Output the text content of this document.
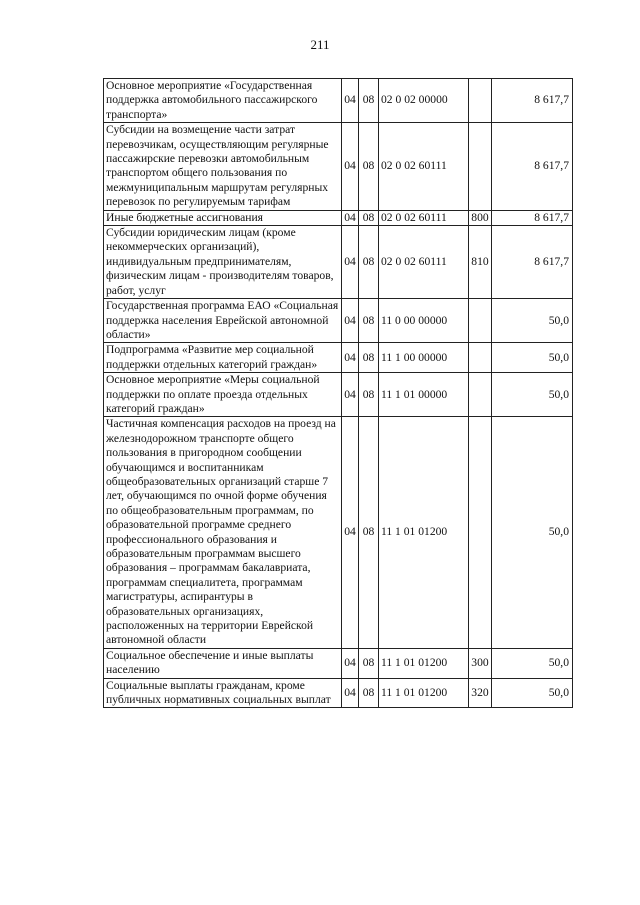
211
Основное мероприятие «Государственная поддержка автомобильного пассажирского транспорта»	04	08	02 0 02 00000		8 617,7
Субсидии на возмещение части затрат перевозчикам, осуществляющим регулярные пассажирские перевозки автомобильным транспортом общего пользования по межмуниципальным маршрутам регулярных перевозок по регулируемым тарифам	04	08	02 0 02 60111		8 617,7
Иные бюджетные ассигнования	04	08	02 0 02 60111	800	8 617,7
Субсидии юридическим лицам (кроме некоммерческих организаций), индивидуальным предпринимателям, физическим лицам - производителям товаров, работ, услуг	04	08	02 0 02 60111	810	8 617,7
Государственная программа ЕАО «Социальная поддержка населения Еврейской автономной области»	04	08	11 0 00 00000		50,0
Подпрограмма «Развитие мер социальной поддержки отдельных категорий граждан»	04	08	11 1 00 00000		50,0
Основное мероприятие «Меры социальной поддержки по оплате проезда отдельных категорий граждан»	04	08	11 1 01 00000		50,0
Частичная компенсация расходов на проезд на железнодорожном транспорте общего пользования в пригородном сообщении обучающимся и воспитанникам общеобразовательных организаций старше 7 лет, обучающимся по очной форме обучения по общеобразовательным программам, по образовательной программе среднего профессионального образования и образовательным программам высшего образования – программам бакалавриата, программам специалитета, программам магистратуры, аспирантуры в образовательных организациях, расположенных на территории Еврейской автономной области	04	08	11 1 01 01200		50,0
Социальное обеспечение и иные выплаты населению	04	08	11 1 01 01200	300	50,0
Социальные выплаты гражданам, кроме публичных нормативных социальных выплат	04	08	11 1 01 01200	320	50,0
